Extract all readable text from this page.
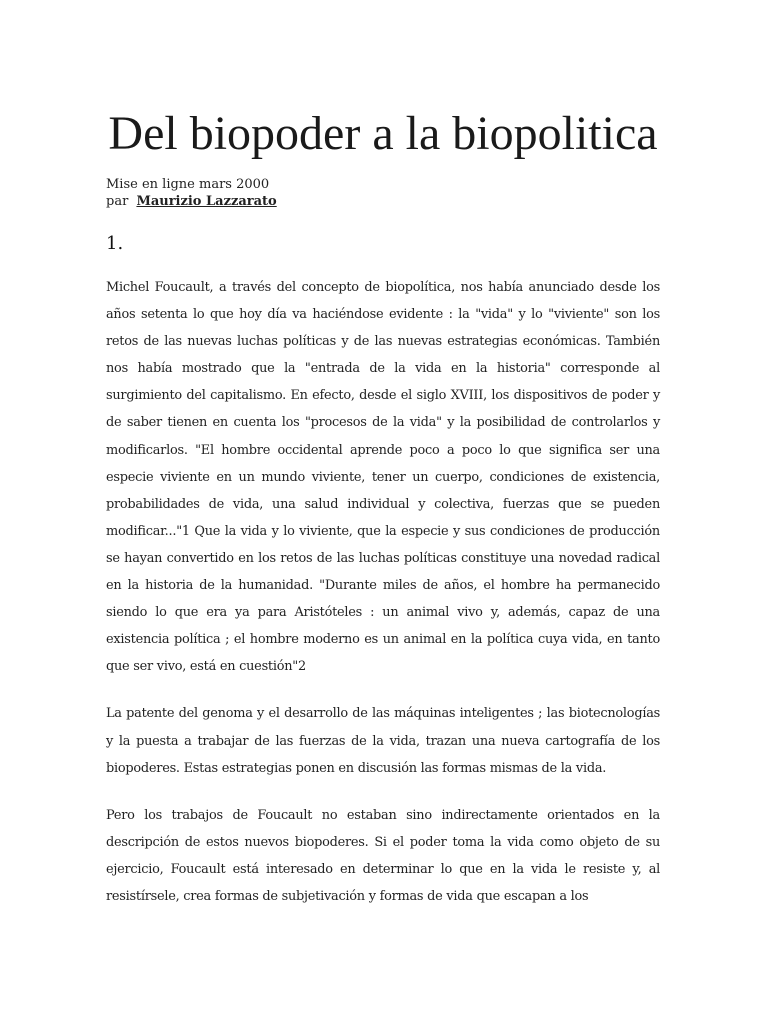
Del biopoder a la biopolitica
Mise en ligne mars 2000
par Maurizio Lazzarato
1.

Michel Foucault, a través del concepto de biopolítica, nos había anunciado desde los años setenta lo que hoy día va haciéndose evidente : la "vida" y lo "viviente" son los retos de las nuevas luchas políticas y de las nuevas estrategias económicas. También nos había mostrado que la "entrada de la vida en la historia" corresponde al surgimiento del capitalismo. En efecto, desde el siglo XVIII, los dispositivos de poder y de saber tienen en cuenta los "procesos de la vida" y la posibilidad de controlarlos y modificarlos. "El hombre occidental aprende poco a poco lo que significa ser una especie viviente en un mundo viviente, tener un cuerpo, condiciones de existencia, probabilidades de vida, una salud individual y colectiva, fuerzas que se pueden modificar..."1 Que la vida y lo viviente, que la especie y sus condiciones de producción se hayan convertido en los retos de las luchas políticas constituye una novedad radical en la historia de la humanidad. "Durante miles de años, el hombre ha permanecido siendo lo que era ya para Aristóteles : un animal vivo y, además, capaz de una existencia política ; el hombre moderno es un animal en la política cuya vida, en tanto que ser vivo, está en cuestión"2

La patente del genoma y el desarrollo de las máquinas inteligentes ; las biotecnologías y la puesta a trabajar de las fuerzas de la vida, trazan una nueva cartografía de los biopoderes. Estas estrategias ponen en discusión las formas mismas de la vida.

Pero los trabajos de Foucault no estaban sino indirectamente orientados en la descripción de estos nuevos biopoderes. Si el poder toma la vida como objeto de su ejercicio, Foucault está interesado en determinar lo que en la vida le resiste y, al resistírsele, crea formas de subjetivación y formas de vida que escapan a los
